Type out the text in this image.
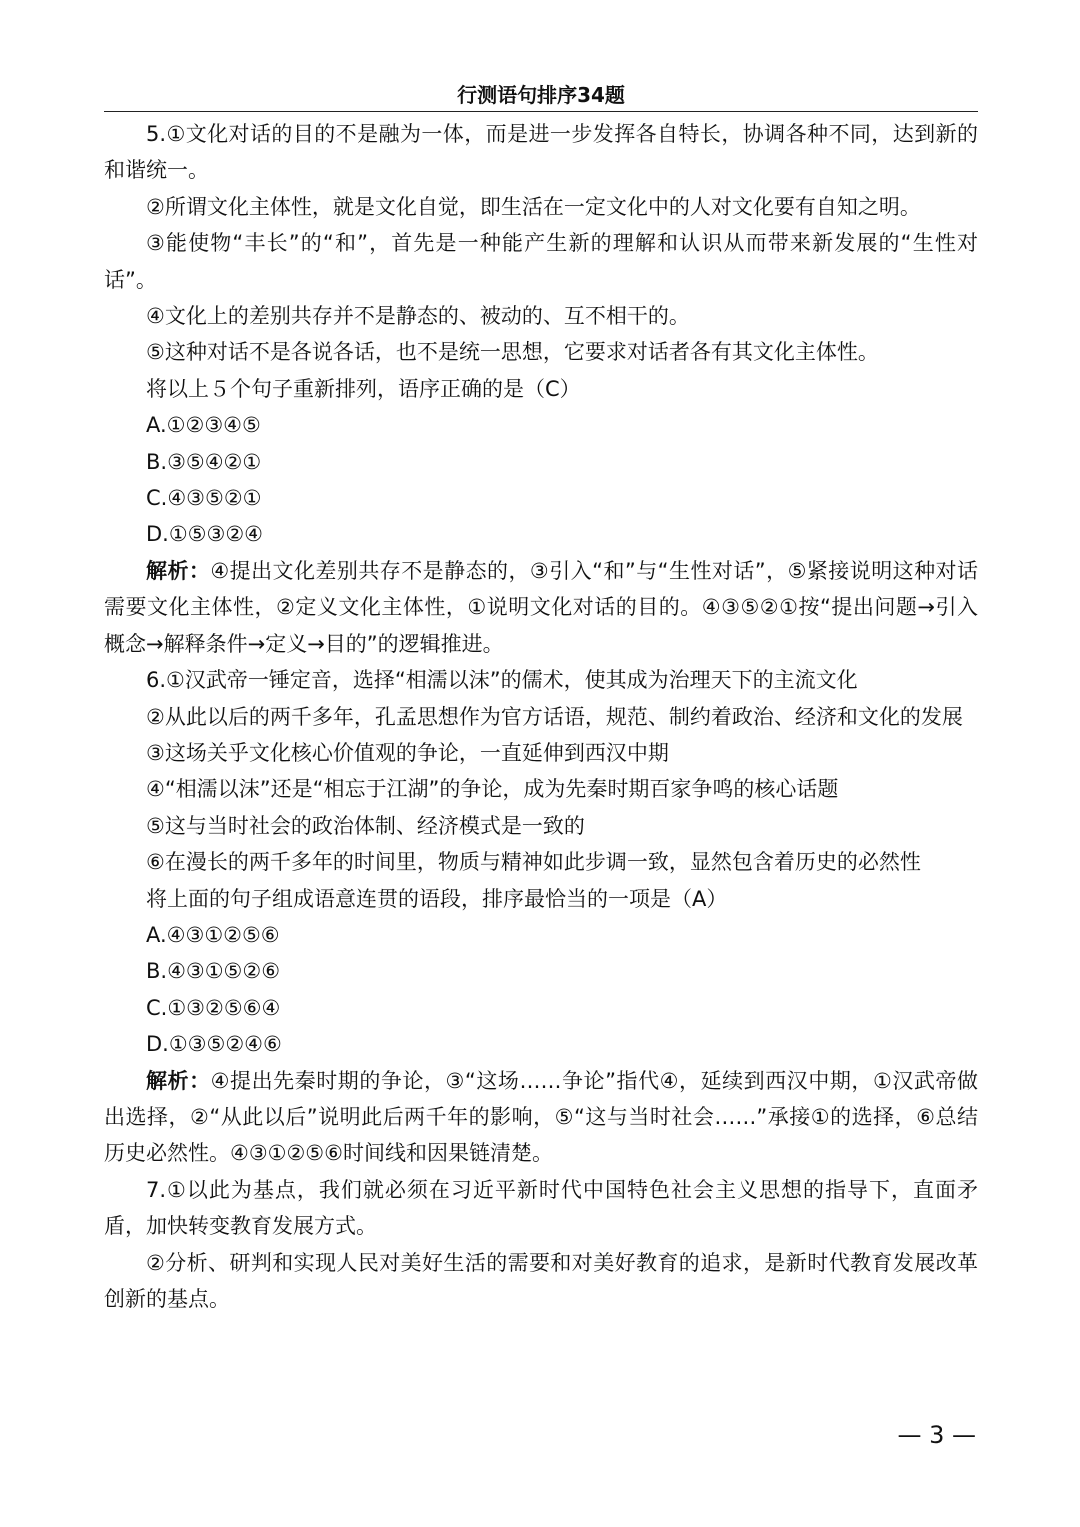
行测语句排序34题

5.①文化对话的目的不是融为一体，而是进一步发挥各自特长，协调各种不同，达到新的和谐统一。

②所谓文化主体性，就是文化自觉，即生活在一定文化中的人对文化要有自知之明。

③能使物“丰长”的“和”，首先是一种能产生新的理解和认识从而带来新发展的“生性对话”。

④文化上的差别共存并不是静态的、被动的、互不相干的。

⑤这种对话不是各说各话，也不是统一思想，它要求对话者各有其文化主体性。

将以上５个句子重新排列，语序正确的是（C）

A.①②③④⑤

B.③⑤④②①

C.④③⑤②①

D.①⑤③②④

解析：④提出文化差别共存不是静态的，③引入“和”与“生性对话”，⑤紧接说明这种对话需要文化主体性，②定义文化主体性，①说明文化对话的目的。④③⑤②①按“提出问题→引入概念→解释条件→定义→目的”的逻辑推进。

6.①汉武帝一锤定音，选择“相濡以沫”的儒术，使其成为治理天下的主流文化

②从此以后的两千多年，孔孟思想作为官方话语，规范、制约着政治、经济和文化的发展

③这场关乎文化核心价值观的争论，一直延伸到西汉中期

④“相濡以沫”还是“相忘于江湖”的争论，成为先秦时期百家争鸣的核心话题

⑤这与当时社会的政治体制、经济模式是一致的

⑥在漫长的两千多年的时间里，物质与精神如此步调一致，显然包含着历史的必然性

将上面的句子组成语意连贯的语段，排序最恰当的一项是（A）

A.④③①②⑤⑥

B.④③①⑤②⑥

C.①③②⑤⑥④

D.①③⑤②④⑥

解析：④提出先秦时期的争论，③“这场……争论”指代④，延续到西汉中期，①汉武帝做出选择，②“从此以后”说明此后两千年的影响，⑤“这与当时社会……”承接①的选择，⑥总结历史必然性。④③①②⑤⑥时间线和因果链清楚。

7.①以此为基点，我们就必须在习近平新时代中国特色社会主义思想的指导下，直面矛盾，加快转变教育发展方式。

②分析、研判和实现人民对美好生活的需要和对美好教育的追求，是新时代教育发展改革创新的基点。

— 3 —
